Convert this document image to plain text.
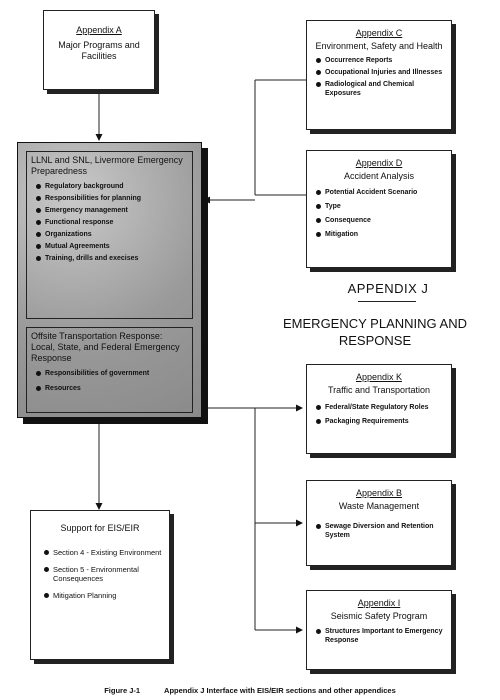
Appendix A
Major Programs and Facilities
Appendix C
Environment, Safety and Health
Occurrence Reports
Occupational Injuries and Illnesses
Radiological and Chemical Exposures
Appendix D
Accident Analysis
Potential Accident Scenario
Type
Consequence
Mitigation
LLNL and SNL, Livermore Emergency Preparedness
Regulatory background
Responsibilities for planning
Emergency management
Functional response
Organizations
Mutual Agreements
Training, drills and execises
Offsite Transportation Response: Local, State, and Federal Emergency Response
Responsibilities of government
Resources
APPENDIX J
EMERGENCY PLANNING AND RESPONSE
Appendix K
Traffic and Transportation
Federal/State Regulatory Roles
Packaging Requirements
Appendix B
Waste Management
Sewage Diversion and Retention System
Appendix I
Seismic Safety Program
Structures Important to Emergency Response
Support for EIS/EIR
Section 4 - Existing Environment
Section 5 - Environmental Consequences
Mitigation Planning
Figure J-1	Appendix J Interface with EIS/EIR sections and other appendices
